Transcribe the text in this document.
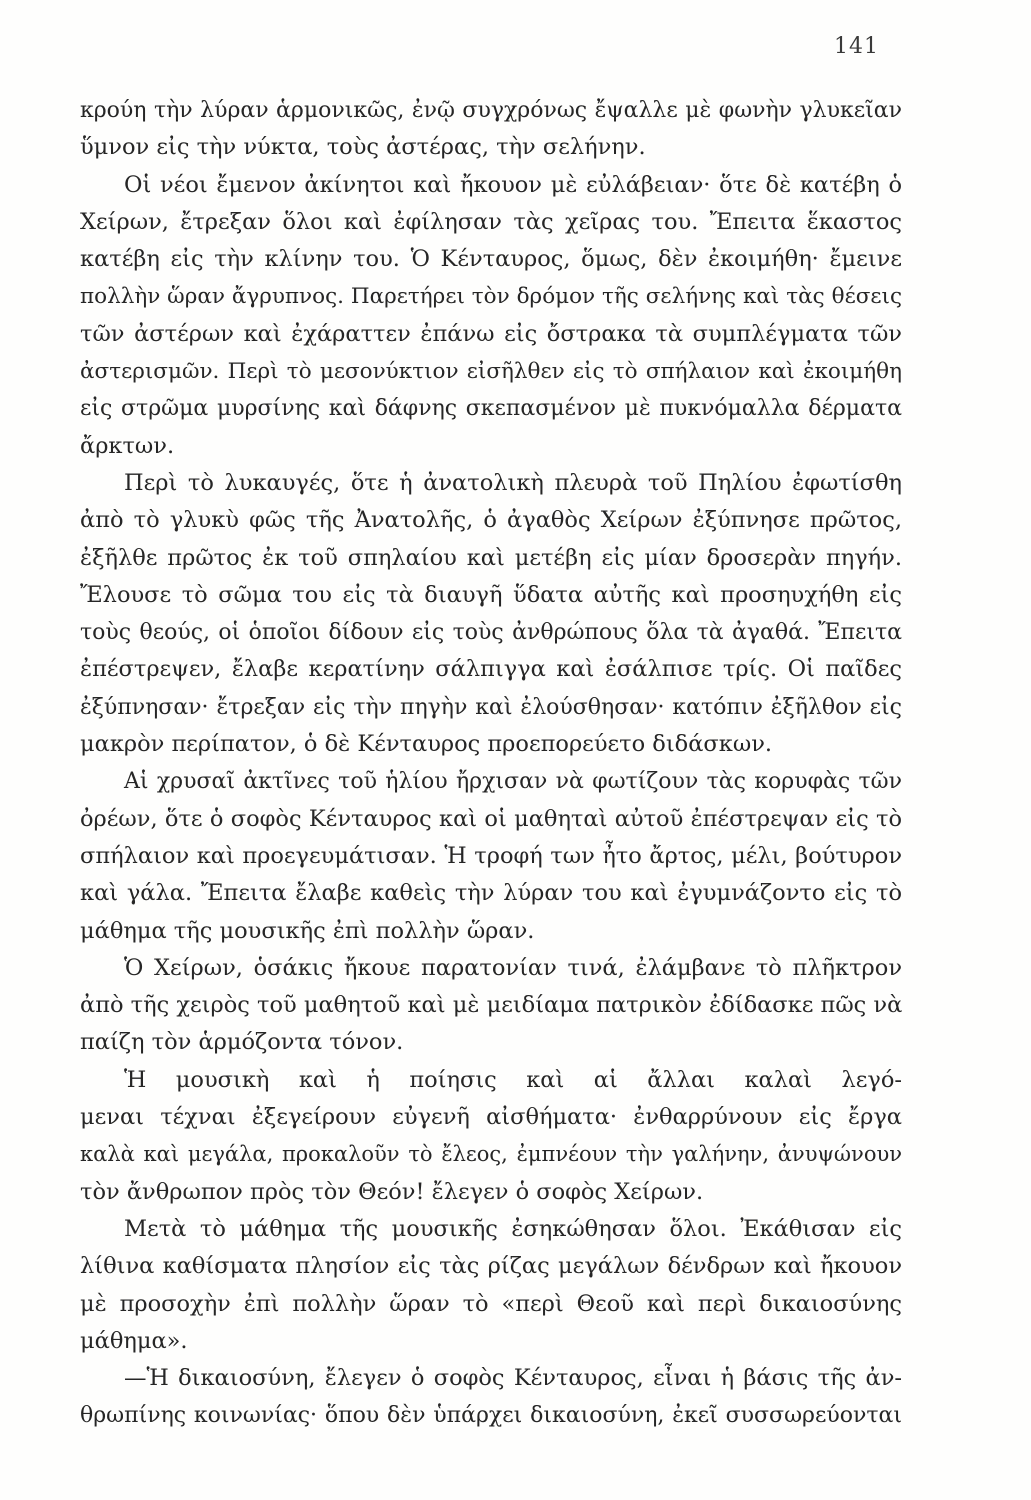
141
κρούη τὴν λύραν ἁρμονικῶς, ἐνῷ συγχρόνως ἔψαλλε μὲ φωνὴν γλυκεῖαν
ὕμνον εἰς τὴν νύκτα, τοὺς ἀστέρας, τὴν σελήνην.
Οἱ νέοι ἔμενον ἀκίνητοι καὶ ἤκουον μὲ εὐλάβειαν· ὅτε δὲ κατέβη ὁ
Χείρων, ἔτρεξαν ὅλοι καὶ ἐφίλησαν τὰς χεῖρας του. Ἔπειτα ἕκαστος
κατέβη εἰς τὴν κλίνην του. Ὁ Κένταυρος, ὅμως, δὲν ἐκοιμήθη· ἔμεινε
πολλὴν ὥραν ἄγρυπνος. Παρετήρει τὸν δρόμον τῆς σελήνης καὶ τὰς θέσεις
τῶν ἀστέρων καὶ ἐχάραττεν ἐπάνω εἰς ὄστρακα τὰ συμπλέγματα τῶν
ἀστερισμῶν. Περὶ τὸ μεσονύκτιον εἰσῆλθεν εἰς τὸ σπήλαιον καὶ ἐκοιμήθη
εἰς στρῶμα μυρσίνης καὶ δάφνης σκεπασμένον μὲ πυκνόμαλλα δέρματα
ἄρκτων.
Περὶ τὸ λυκαυγές, ὅτε ἡ ἀνατολικὴ πλευρὰ τοῦ Πηλίου ἐφωτίσθη
ἀπὸ τὸ γλυκὺ φῶς τῆς Ἀνατολῆς, ὁ ἀγαθὸς Χείρων ἐξύπνησε πρῶτος,
ἐξῆλθε πρῶτος ἐκ τοῦ σπηλαίου καὶ μετέβη εἰς μίαν δροσερὰν πηγήν.
Ἔλουσε τὸ σῶμα του εἰς τὰ διαυγῆ ὕδατα αὐτῆς καὶ προσηυχήθη εἰς
τοὺς θεούς, οἱ ὁποῖοι δίδουν εἰς τοὺς ἀνθρώπους ὅλα τὰ ἀγαθά. Ἔπειτα
ἐπέστρεψεν, ἔλαβε κερατίνην σάλπιγγα καὶ ἐσάλπισε τρίς. Οἱ παῖδες
ἐξύπνησαν· ἔτρεξαν εἰς τὴν πηγὴν καὶ ἐλούσθησαν· κατόπιν ἐξῆλθον εἰς
μακρὸν περίπατον, ὁ δὲ Κένταυρος προεπορεύετο διδάσκων.
Αἱ χρυσαῖ ἀκτῖνες τοῦ ἡλίου ἤρχισαν νὰ φωτίζουν τὰς κορυφὰς τῶν
ὀρέων, ὅτε ὁ σοφὸς Κένταυρος καὶ οἱ μαθηταὶ αὐτοῦ ἐπέστρεψαν εἰς τὸ
σπήλαιον καὶ προεγευμάτισαν. Ἡ τροφή των ἦτο ἄρτος, μέλι, βούτυρον
καὶ γάλα. Ἔπειτα ἔλαβε καθεὶς τὴν λύραν του καὶ ἐγυμνάζοντο εἰς τὸ
μάθημα τῆς μουσικῆς ἐπὶ πολλὴν ὥραν.
Ὁ Χείρων, ὁσάκις ἤκουε παρατονίαν τινά, ἐλάμβανε τὸ πλῆκτρον
ἀπὸ τῆς χειρὸς τοῦ μαθητοῦ καὶ μὲ μειδίαμα πατρικὸν ἐδίδασκε πῶς νὰ
παίζη τὸν ἁρμόζοντα τόνον.
Ἡ μουσικὴ καὶ ἡ ποίησις καὶ αἱ ἄλλαι καλαὶ λεγό-
μεναι τέχναι ἐξεγείρουν εὐγενῆ αἰσθήματα· ἐνθαρρύνουν εἰς ἔργα
καλὰ καὶ μεγάλα, προκαλοῦν τὸ ἔλεος, ἐμπνέουν τὴν γαλήνην, ἀνυψώνουν
τὸν ἄνθρωπον πρὸς τὸν Θεόν! ἔλεγεν ὁ σοφὸς Χείρων.
Μετὰ τὸ μάθημα τῆς μουσικῆς ἐσηκώθησαν ὅλοι. Ἐκάθισαν εἰς
λίθινα καθίσματα πλησίον εἰς τὰς ρίζας μεγάλων δένδρων καὶ ἤκουον
μὲ προσοχὴν ἐπὶ πολλὴν ὥραν τὸ «περὶ Θεοῦ καὶ περὶ δικαιοσύνης
μάθημα».
—Ἡ δικαιοσύνη, ἔλεγεν ὁ σοφὸς Κένταυρος, εἶναι ἡ βάσις τῆς ἀν-
θρωπίνης κοινωνίας· ὅπου δὲν ὑπάρχει δικαιοσύνη, ἐκεῖ συσσωρεύονται
